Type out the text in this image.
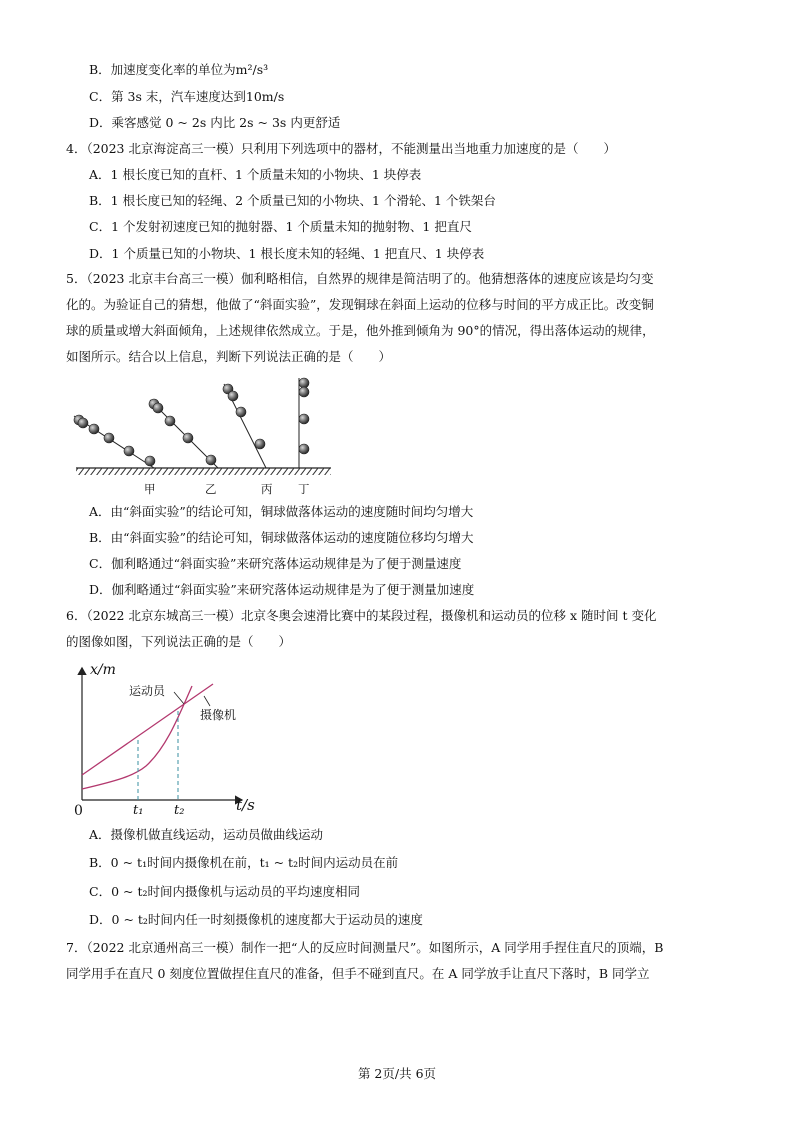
B．加速度变化率的单位为m²/s³
C．第 3s 末，汽车速度达到10m/s
D．乘客感觉 0 ~ 2s 内比 2s ~ 3s 内更舒适
4．（2023 北京海淀高三一模）只利用下列选项中的器材，不能测量出当地重力加速度的是（　　）
A．1 根长度已知的直杆、1 个质量未知的小物块、1 块停表
B．1 根长度已知的轻绳、2 个质量已知的小物块、1 个滑轮、1 个铁架台
C．1 个发射初速度已知的抛射器、1 个质量未知的抛射物、1 把直尺
D．1 个质量已知的小物块、1 根长度未知的轻绳、1 把直尺、1 块停表
5．（2023 北京丰台高三一模）伽利略相信，自然界的规律是简洁明了的。他猜想落体的速度应该是均匀变
化的。为验证自己的猜想，他做了“斜面实验”，发现铜球在斜面上运动的位移与时间的平方成正比。改变铜
球的质量或增大斜面倾角，上述规律依然成立。于是，他外推到倾角为 90°的情况，得出落体运动的规律，
如图所示。结合以上信息，判断下列说法正确的是（　　）
甲	乙	丙 丁
A．由“斜面实验”的结论可知，铜球做落体运动的速度随时间均匀增大
B．由“斜面实验”的结论可知，铜球做落体运动的速度随位移均匀增大
C．伽利略通过“斜面实验”来研究落体运动规律是为了便于测量速度
D．伽利略通过“斜面实验”来研究落体运动规律是为了便于测量加速度
6．（2022 北京东城高三一模）北京冬奥会速滑比赛中的某段过程，摄像机和运动员的位移 x 随时间 t 变化
的图像如图，下列说法正确的是（　　）
x/m
运动员
摄像机
0	t₁ t₂	t/s
A．摄像机做直线运动，运动员做曲线运动
B．0 ~ t₁时间内摄像机在前，t₁ ~ t₂时间内运动员在前
C．0 ~ t₂时间内摄像机与运动员的平均速度相同
D．0 ~ t₂时间内任一时刻摄像机的速度都大于运动员的速度
7．（2022 北京通州高三一模）制作一把“人的反应时间测量尺”。如图所示，A 同学用手捏住直尺的顶端，B
同学用手在直尺 0 刻度位置做捏住直尺的准备，但手不碰到直尺。在 A 同学放手让直尺下落时，B 同学立
第 2页/共 6页
